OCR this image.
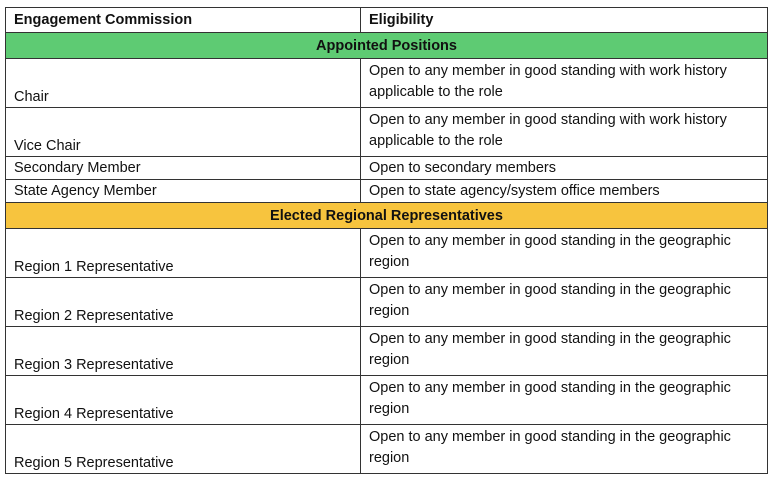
Engagement Commission	Eligibility
Appointed Positions	
Chair	Open to any member in good standing with work history applicable to the role
Vice Chair	Open to any member in good standing with work history applicable to the role
Secondary Member	Open to secondary members
State Agency Member	Open to state agency/system office members
Elected Regional Representatives	
Region 1 Representative	Open to any member in good standing in the geographic region
Region 2 Representative	Open to any member in good standing in the geographic region
Region 3 Representative	Open to any member in good standing in the geographic region
Region 4 Representative	Open to any member in good standing in the geographic region
Region 5 Representative	Open to any member in good standing in the geographic region
